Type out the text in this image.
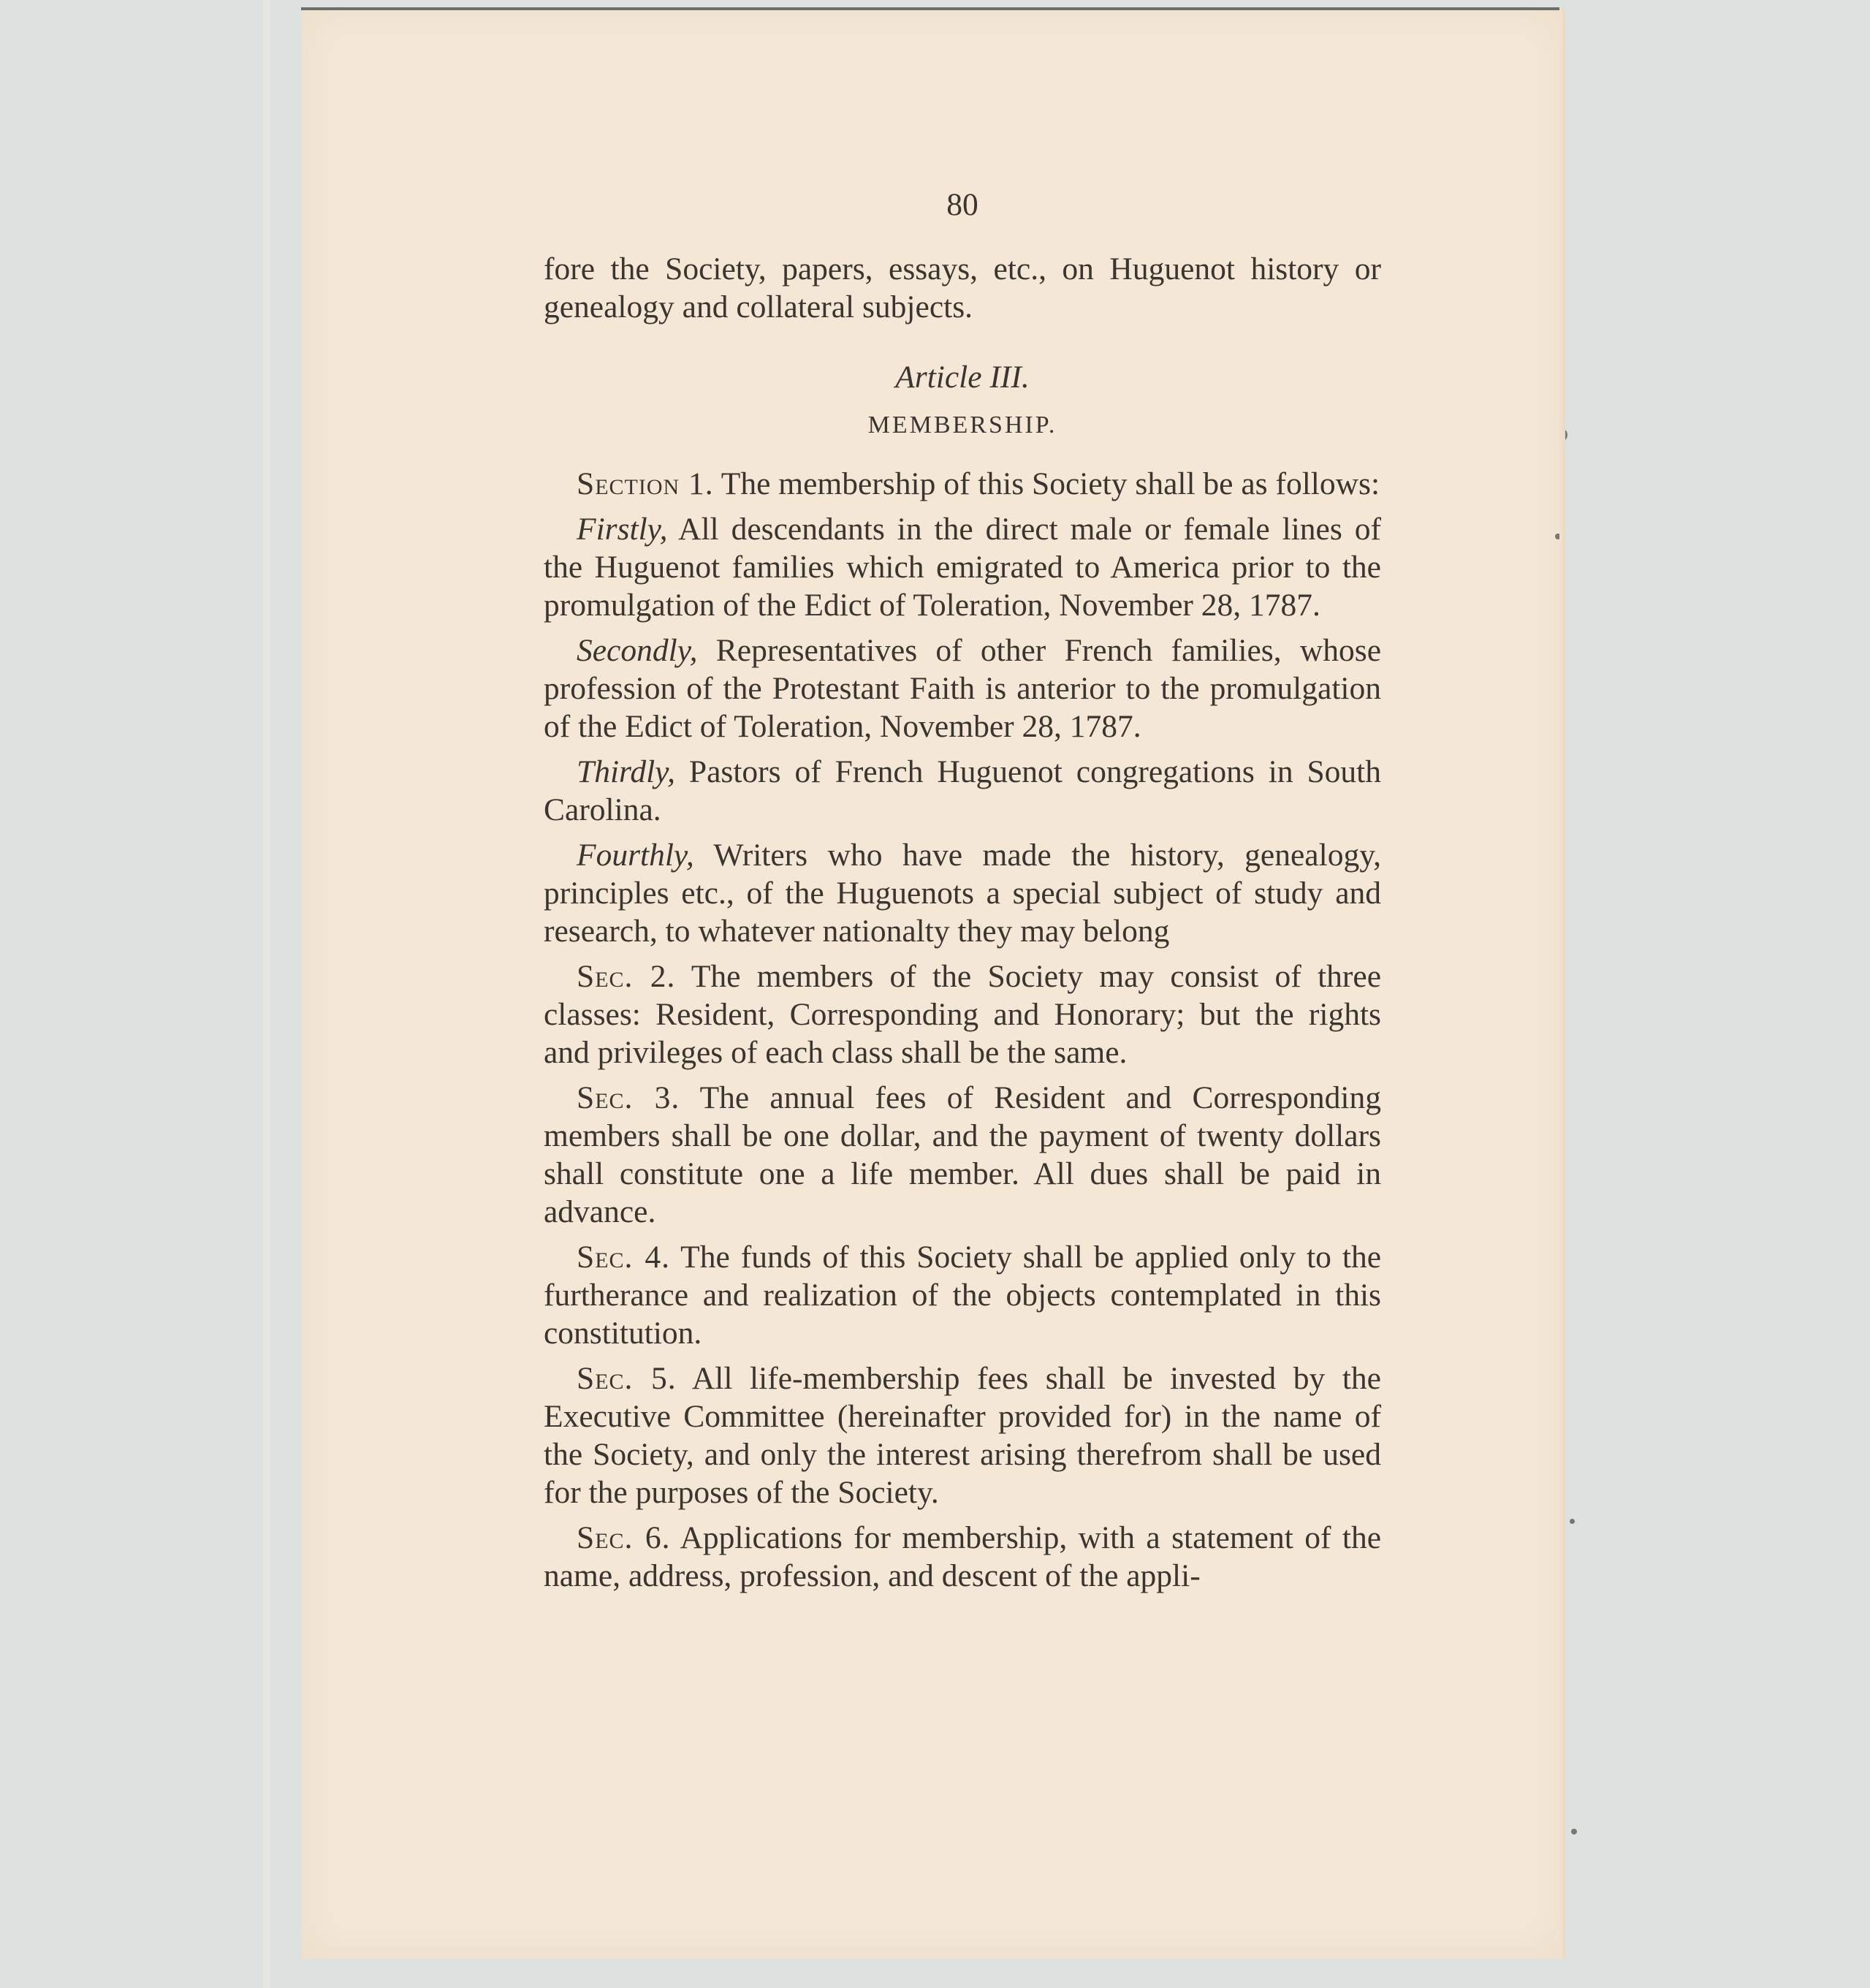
80

fore the Society, papers, essays, etc., on Huguenot history or genealogy and collateral subjects.

Article III.
MEMBERSHIP.

Section 1. The membership of this Society shall be as follows:

Firstly, All descendants in the direct male or female lines of the Huguenot families which emigrated to America prior to the promulgation of the Edict of Toleration, November 28, 1787.

Secondly, Representatives of other French families, whose profession of the Protestant Faith is anterior to the promulgation of the Edict of Toleration, November 28, 1787.

Thirdly, Pastors of French Huguenot congregations in South Carolina.

Fourthly, Writers who have made the history, genealogy, principles etc., of the Huguenots a special subject of study and research, to whatever nationalty they may belong

Sec. 2. The members of the Society may consist of three classes: Resident, Corresponding and Honorary; but the rights and privileges of each class shall be the same.

Sec. 3. The annual fees of Resident and Corresponding members shall be one dollar, and the payment of twenty dollars shall constitute one a life member. All dues shall be paid in advance.

Sec. 4. The funds of this Society shall be applied only to the furtherance and realization of the objects contemplated in this constitution.

Sec. 5. All life-membership fees shall be invested by the Executive Committee (hereinafter provided for) in the name of the Society, and only the interest arising therefrom shall be used for the purposes of the Society.

Sec. 6. Applications for membership, with a statement of the name, address, profession, and descent of the appli-
